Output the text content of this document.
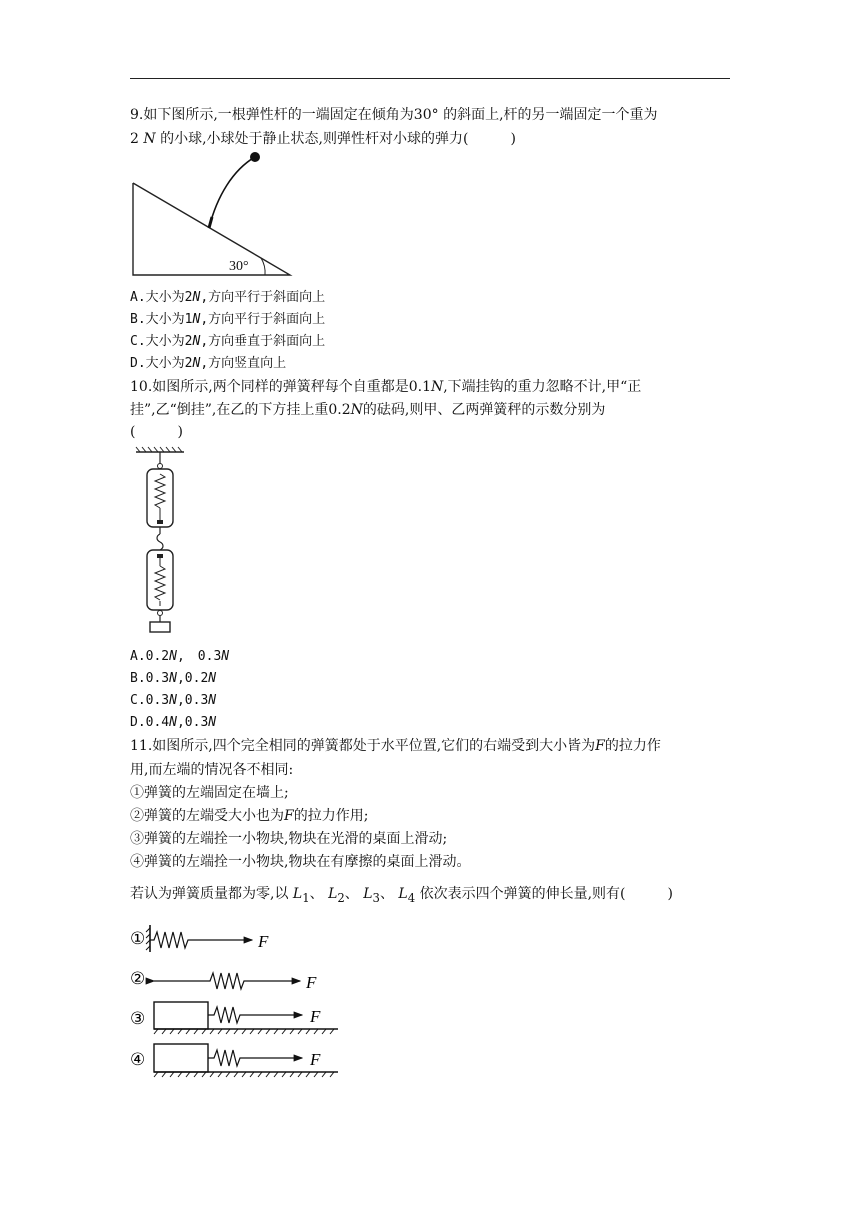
9.如下图所示,一根弹性杆的一端固定在倾角为30° 的斜面上,杆的另一端固定一个重为
2 N 的小球,小球处于静止状态,则弹性杆对小球的弹力(　　　)
30°
A.大小为2N,方向平行于斜面向上
B.大小为1N,方向平行于斜面向上
C.大小为2N,方向垂直于斜面向上
D.大小为2N,方向竖直向上
10.如图所示,两个同样的弹簧秤每个自重都是0.1N,下端挂钩的重力忽略不计,甲“正
挂”,乙“倒挂”,在乙的下方挂上重0.2N的砝码,则甲、乙两弹簧秤的示数分别为
(　　　)
A.0.2N,　0.3N
B.0.3N,0.2N
C.0.3N,0.3N
D.0.4N,0.3N
11.如图所示,四个完全相同的弹簧都处于水平位置,它们的右端受到大小皆为F的拉力作
用,而左端的情况各不相同:
①弹簧的左端固定在墙上;
②弹簧的左端受大小也为F的拉力作用;
③弹簧的左端拴一小物块,物块在光滑的桌面上滑动;
④弹簧的左端拴一小物块,物块在有摩擦的桌面上滑动。
若认为弹簧质量都为零,以 $L_1$、 $L_2$、 $L_3$、 $L_4$ 依次表示四个弹簧的伸长量,则有(　　　)
①	F
②	F
③	F
④	F
